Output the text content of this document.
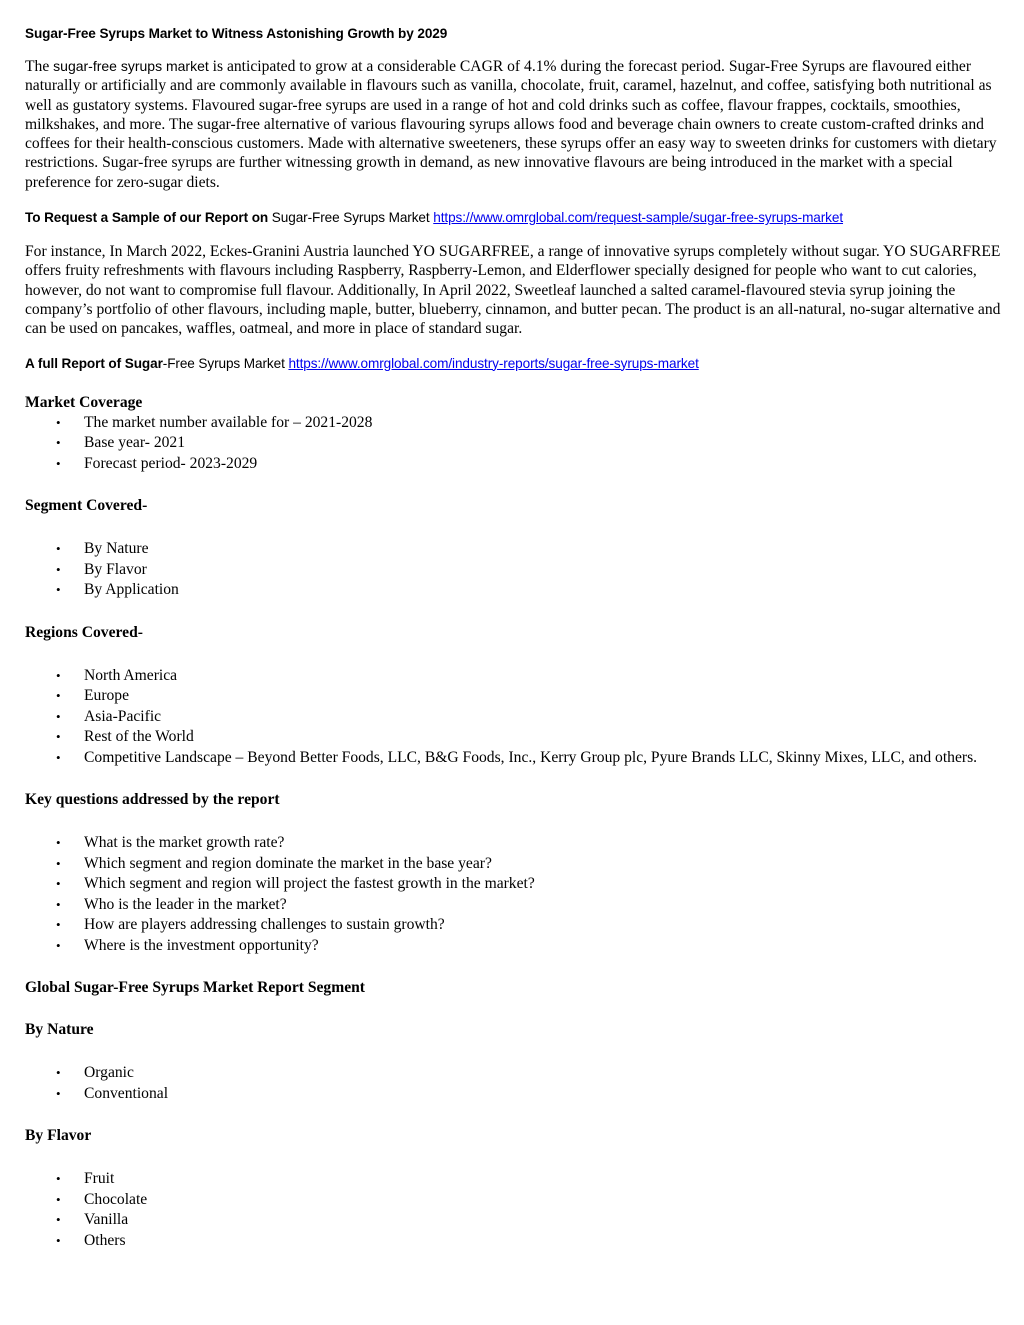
Sugar-Free Syrups Market to Witness Astonishing Growth by 2029

The sugar-free syrups market is anticipated to grow at a considerable CAGR of 4.1% during the forecast period. Sugar-Free Syrups are flavoured either naturally or artificially and are commonly available in flavours such as vanilla, chocolate, fruit, caramel, hazelnut, and coffee, satisfying both nutritional as well as gustatory systems. Flavoured sugar-free syrups are used in a range of hot and cold drinks such as coffee, flavour frappes, cocktails, smoothies, milkshakes, and more. The sugar-free alternative of various flavouring syrups allows food and beverage chain owners to create custom-crafted drinks and coffees for their health-conscious customers. Made with alternative sweeteners, these syrups offer an easy way to sweeten drinks for customers with dietary restrictions. Sugar-free syrups are further witnessing growth in demand, as new innovative flavours are being introduced in the market with a special preference for zero-sugar diets.

To Request a Sample of our Report on Sugar-Free Syrups Market https://www.omrglobal.com/request-sample/sugar-free-syrups-market

For instance, In March 2022, Eckes-Granini Austria launched YO SUGARFREE, a range of innovative syrups completely without sugar. YO SUGARFREE offers fruity refreshments with flavours including Raspberry, Raspberry-Lemon, and Elderflower specially designed for people who want to cut calories, however, do not want to compromise full flavour. Additionally, In April 2022, Sweetleaf launched a salted caramel-flavoured stevia syrup joining the company’s portfolio of other flavours, including maple, butter, blueberry, cinnamon, and butter pecan. The product is an all-natural, no-sugar alternative and can be used on pancakes, waffles, oatmeal, and more in place of standard sugar.

A full Report of Sugar-Free Syrups Market https://www.omrglobal.com/industry-reports/sugar-free-syrups-market

Market Coverage
• The market number available for – 2021-2028
• Base year- 2021
• Forecast period- 2023-2029
Segment Covered-
• By Nature
• By Flavor
• By Application
Regions Covered-
• North America
• Europe
• Asia-Pacific
• Rest of the World
• Competitive Landscape – Beyond Better Foods, LLC, B&G Foods, Inc., Kerry Group plc, Pyure Brands LLC, Skinny Mixes, LLC, and others.
Key questions addressed by the report
• What is the market growth rate?
• Which segment and region dominate the market in the base year?
• Which segment and region will project the fastest growth in the market?
• Who is the leader in the market?
• How are players addressing challenges to sustain growth?
• Where is the investment opportunity?
Global Sugar-Free Syrups Market Report Segment
By Nature
• Organic
• Conventional
By Flavor
• Fruit
• Chocolate
• Vanilla
• Others
